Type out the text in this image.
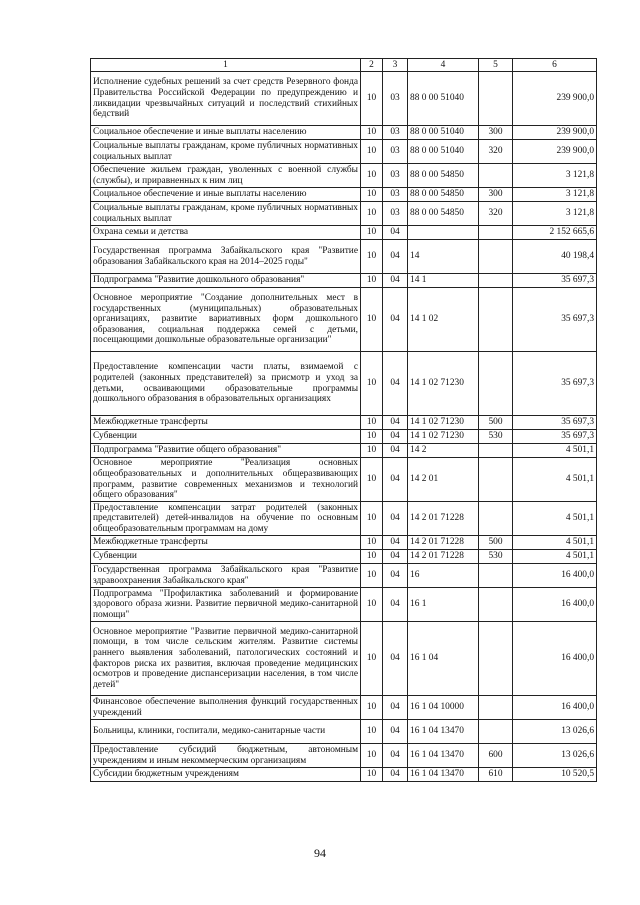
1	2	3	4	5	6
Исполнение судебных решений за счет средств Резервного фонда Правительства Российской Федерации по предупреждению и ликвидации чрезвычайных ситуаций и последствий стихийных бедствий	10	03	88 0 00 51040		239 900,0
Социальное обеспечение и иные выплаты населению	10	03	88 0 00 51040	300	239 900,0
Социальные выплаты гражданам, кроме публичных нормативных социальных выплат	10	03	88 0 00 51040	320	239 900,0
Обеспечение жильем граждан, уволенных с военной службы (службы), и приравненных к ним лиц	10	03	88 0 00 54850		3 121,8
Социальное обеспечение и иные выплаты населению	10	03	88 0 00 54850	300	3 121,8
Социальные выплаты гражданам, кроме публичных нормативных социальных выплат	10	03	88 0 00 54850	320	3 121,8
Охрана семьи и детства	10	04			2 152 665,6
Государственная программа Забайкальского края "Развитие образования Забайкальского края на 2014–2025 годы"	10	04	14		40 198,4
Подпрограмма "Развитие дошкольного образования"	10	04	14 1		35 697,3
Основное мероприятие "Создание дополнительных мест в государственных (муниципальных) образовательных организациях, развитие вариативных форм дошкольного образования, социальная поддержка семей с детьми, посещающими дошкольные образовательные организации"	10	04	14 1 02		35 697,3
Предоставление компенсации части платы, взимаемой с родителей (законных представителей) за присмотр и уход за детьми, осваивающими образовательные программы дошкольного образования в образовательных организациях	10	04	14 1 02 71230		35 697,3
Межбюджетные трансферты	10	04	14 1 02 71230	500	35 697,3
Субвенции	10	04	14 1 02 71230	530	35 697,3
Подпрограмма "Развитие общего образования"	10	04	14 2		4 501,1
Основное мероприятие "Реализация основных общеобразовательных и дополнительных общеразвивающих программ, развитие современных механизмов и технологий общего образования"	10	04	14 2 01		4 501,1
Предоставление компенсации затрат родителей (законных представителей) детей-инвалидов на обучение по основным общеобразовательным программам на дому	10	04	14 2 01 71228		4 501,1
Межбюджетные трансферты	10	04	14 2 01 71228	500	4 501,1
Субвенции	10	04	14 2 01 71228	530	4 501,1
Государственная программа Забайкальского края "Развитие здравоохранения Забайкальского края"	10	04	16		16 400,0
Подпрограмма "Профилактика заболеваний и формирование здорового образа жизни. Развитие первичной медико-санитарной помощи"	10	04	16 1		16 400,0
Основное мероприятие "Развитие первичной медико-санитарной помощи, в том числе сельским жителям. Развитие системы раннего выявления заболеваний, патологических состояний и факторов риска их развития, включая проведение медицинских осмотров и проведение диспансеризации населения, в том числе детей"	10	04	16 1 04		16 400,0
Финансовое обеспечение выполнения функций государственных учреждений	10	04	16 1 04 10000		16 400,0
Больницы, клиники, госпитали, медико-санитарные части	10	04	16 1 04 13470		13 026,6
Предоставление субсидий бюджетным, автономным учреждениям и иным некоммерческим организациям	10	04	16 1 04 13470	600	13 026,6
Субсидии бюджетным учреждениям	10	04	16 1 04 13470	610	10 520,5
94
